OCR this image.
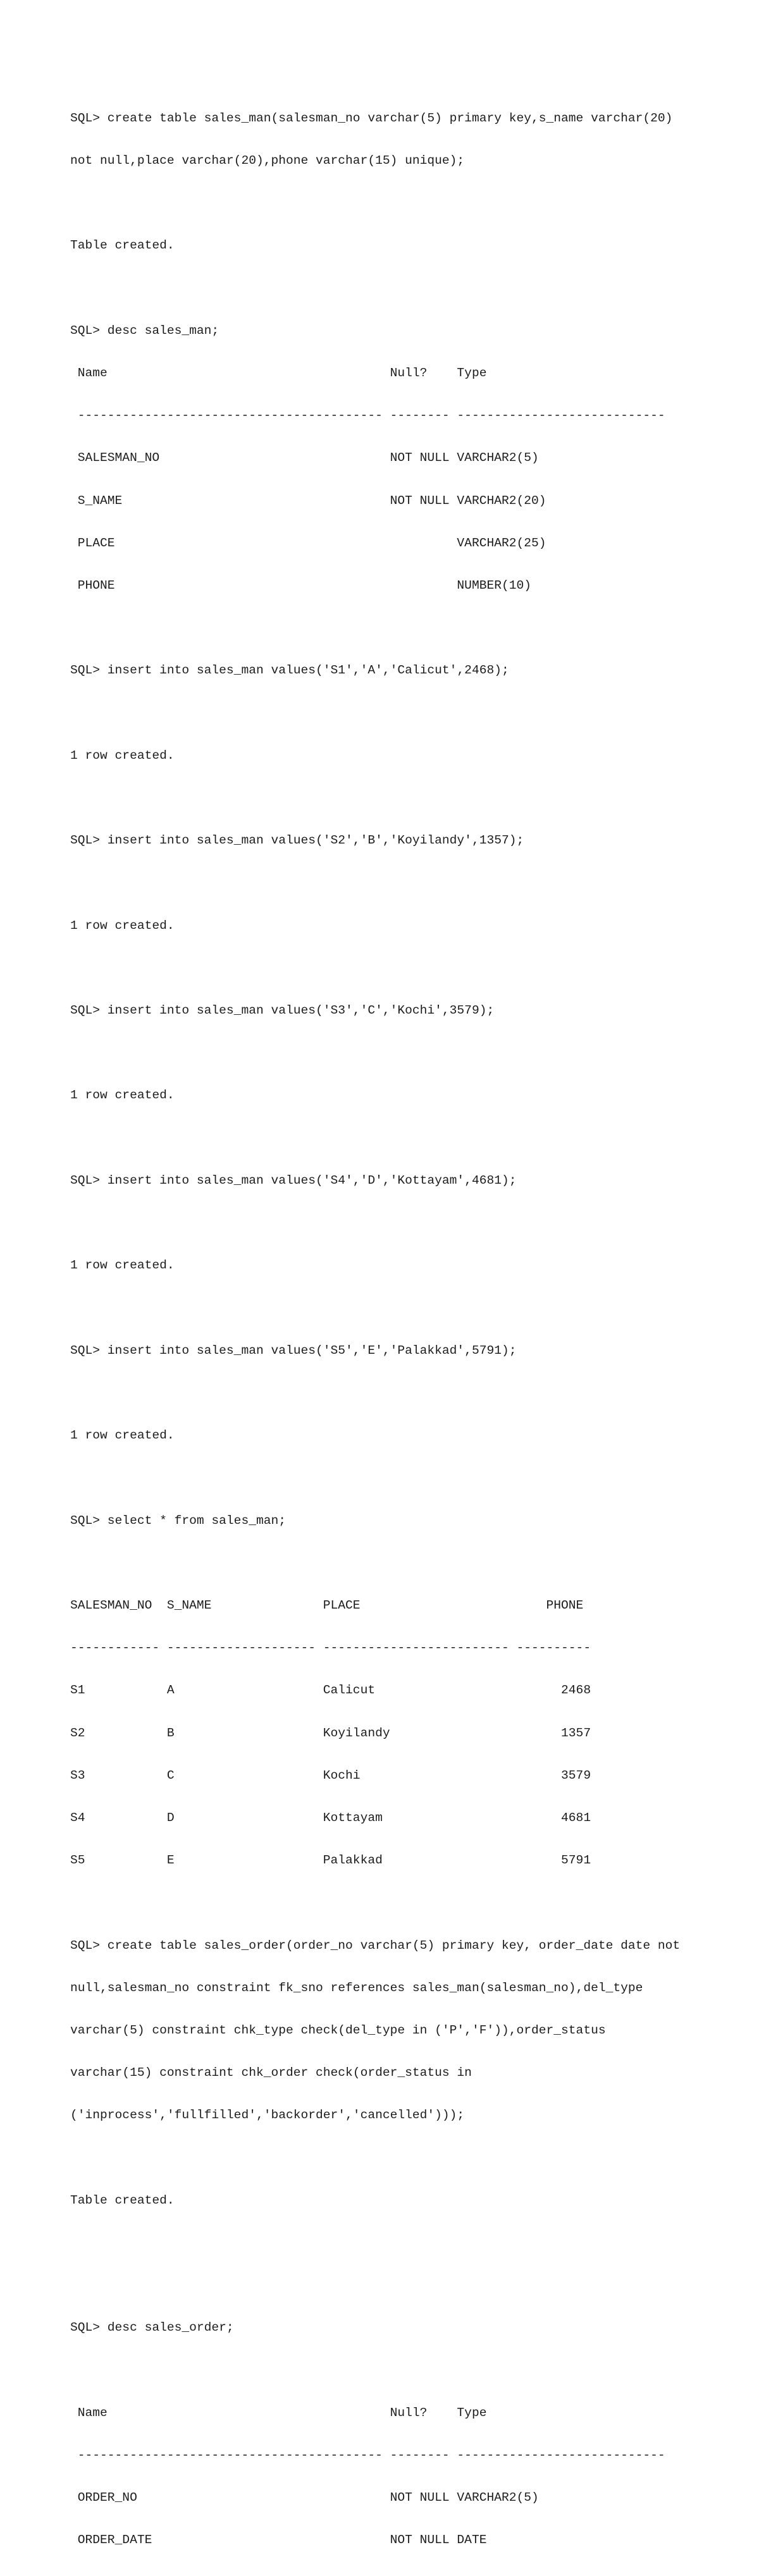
SQL> create table sales_man(salesman_no varchar(5) primary key,s_name varchar(20)

not null,place varchar(20),phone varchar(15) unique);

Table created.

SQL> desc sales_man;

Name                                      Null?    Type

----------------------------------------- -------- ----------------------------

SALESMAN_NO                               NOT NULL VARCHAR2(5)

S_NAME                                    NOT NULL VARCHAR2(20)

PLACE                                              VARCHAR2(25)

PHONE                                              NUMBER(10)

SQL> insert into sales_man values('S1','A','Calicut',2468);

1 row created.

SQL> insert into sales_man values('S2','B','Koyilandy',1357);

1 row created.

SQL> insert into sales_man values('S3','C','Kochi',3579);

1 row created.

SQL> insert into sales_man values('S4','D','Kottayam',4681);

1 row created.

SQL> insert into sales_man values('S5','E','Palakkad',5791);

1 row created.

SQL> select * from sales_man;

SALESMAN_NO  S_NAME               PLACE                         PHONE

------------ -------------------- ------------------------- ----------

S1           A                    Calicut                         2468

S2           B                    Koyilandy                       1357

S3           C                    Kochi                           3579

S4           D                    Kottayam                        4681

S5           E                    Palakkad                        5791

SQL> create table sales_order(order_no varchar(5) primary key, order_date date not

null,salesman_no constraint fk_sno references sales_man(salesman_no),del_type

varchar(5) constraint chk_type check(del_type in ('P','F')),order_status

varchar(15) constraint chk_order check(order_status in

('inprocess','fullfilled','backorder','cancelled')));

Table created.

SQL> desc sales_order;

Name                                      Null?    Type

----------------------------------------- -------- ----------------------------

ORDER_NO                                  NOT NULL VARCHAR2(5)

ORDER_DATE                                NOT NULL DATE
